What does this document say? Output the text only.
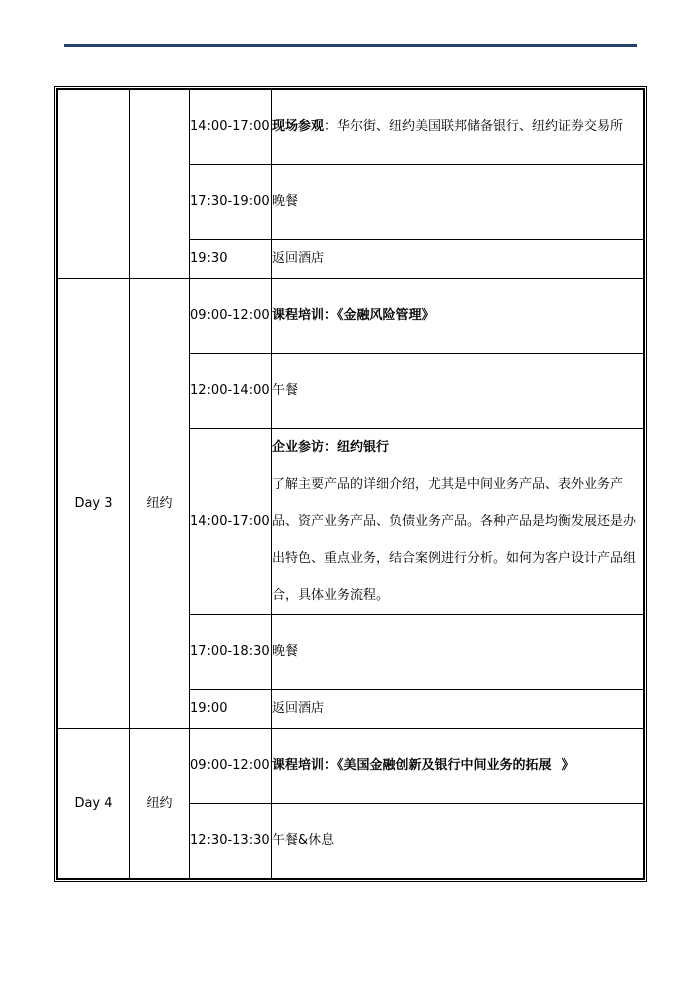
		14:00-17:00	现场参观：华尔街、纽约美国联邦储备银行、纽约证券交易所
		17:30-19:00	晚餐
		19:30	返回酒店
Day 3	纽约	09:00-12:00	课程培训：《金融风险管理》
		12:00-14:00	午餐
		14:00-17:00	企业参访：纽约银行
了解主要产品的详细介绍，尤其是中间业务产品、表外业务产品、资产业务产品、负债业务产品。各种产品是均衡发展还是办出特色、重点业务，结合案例进行分析。如何为客户设计产品组合，具体业务流程。

		17:00-18:30	晚餐
		19:00	返回酒店
Day 4	纽约	09:00-12:00	课程培训：《美国金融创新及银行中间业务的拓展 》
		12:30-13:30	午餐&休息
